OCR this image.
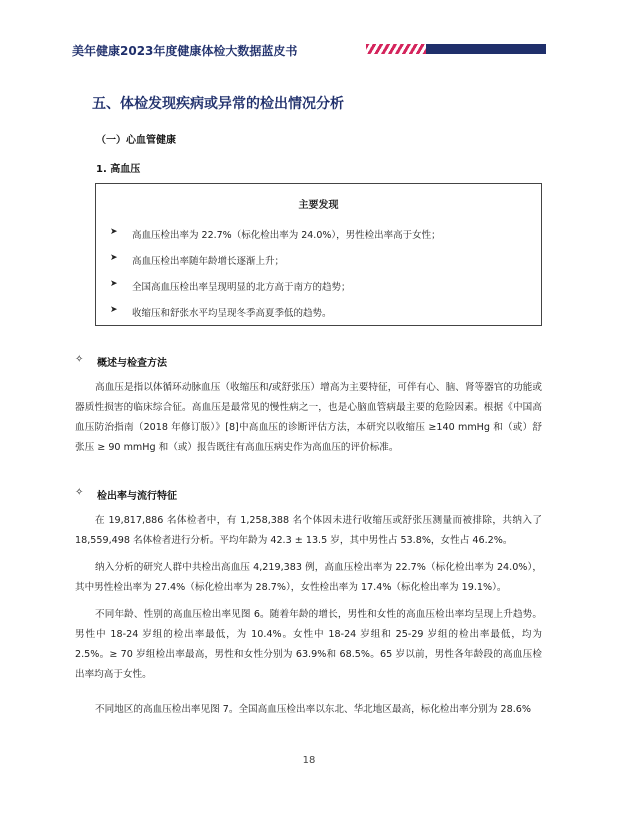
美年健康2023年度健康体检大数据蓝皮书
五、体检发现疾病或异常的检出情况分析
（一）心血管健康
1. 高血压
主要发现
➤	高血压检出率为 22.7%（标化检出率为 24.0%），男性检出率高于女性；
➤	高血压检出率随年龄增长逐渐上升；
➤	全国高血压检出率呈现明显的北方高于南方的趋势；
➤	收缩压和舒张水平均呈现冬季高夏季低的趋势。
✧	概述与检查方法

高血压是指以体循环动脉血压（收缩压和/或舒张压）增高为主要特征，可伴有心、脑、肾等器官的功能或器质性损害的临床综合征。高血压是最常见的慢性病之一，也是心脑血管病最主要的危险因素。根据《中国高血压防治指南（2018 年修订版）》[8]中高血压的诊断评估方法，本研究以收缩压 ≥140 mmHg 和（或）舒张压 ≥ 90 mmHg 和（或）报告既往有高血压病史作为高血压的评价标准。

✧	检出率与流行特征

在 19,817,886 名体检者中，有 1,258,388 名个体因未进行收缩压或舒张压测量而被排除，共纳入了 18,559,498 名体检者进行分析。平均年龄为 42.3 ± 13.5 岁，其中男性占 53.8%，女性占 46.2%。

纳入分析的研究人群中共检出高血压 4,219,383 例，高血压检出率为 22.7%（标化检出率为 24.0%），其中男性检出率为 27.4%（标化检出率为 28.7%），女性检出率为 17.4%（标化检出率为 19.1%）。

不同年龄、性别的高血压检出率见图 6。随着年龄的增长，男性和女性的高血压检出率均呈现上升趋势。男性中 18-24 岁组的检出率最低，为 10.4%。女性中 18-24 岁组和 25-29 岁组的检出率最低，均为 2.5%。≥ 70 岁组检出率最高，男性和女性分别为 63.9%和 68.5%。65 岁以前，男性各年龄段的高血压检出率均高于女性。

不同地区的高血压检出率见图 7。全国高血压检出率以东北、华北地区最高，标化检出率分别为 28.6%

18
